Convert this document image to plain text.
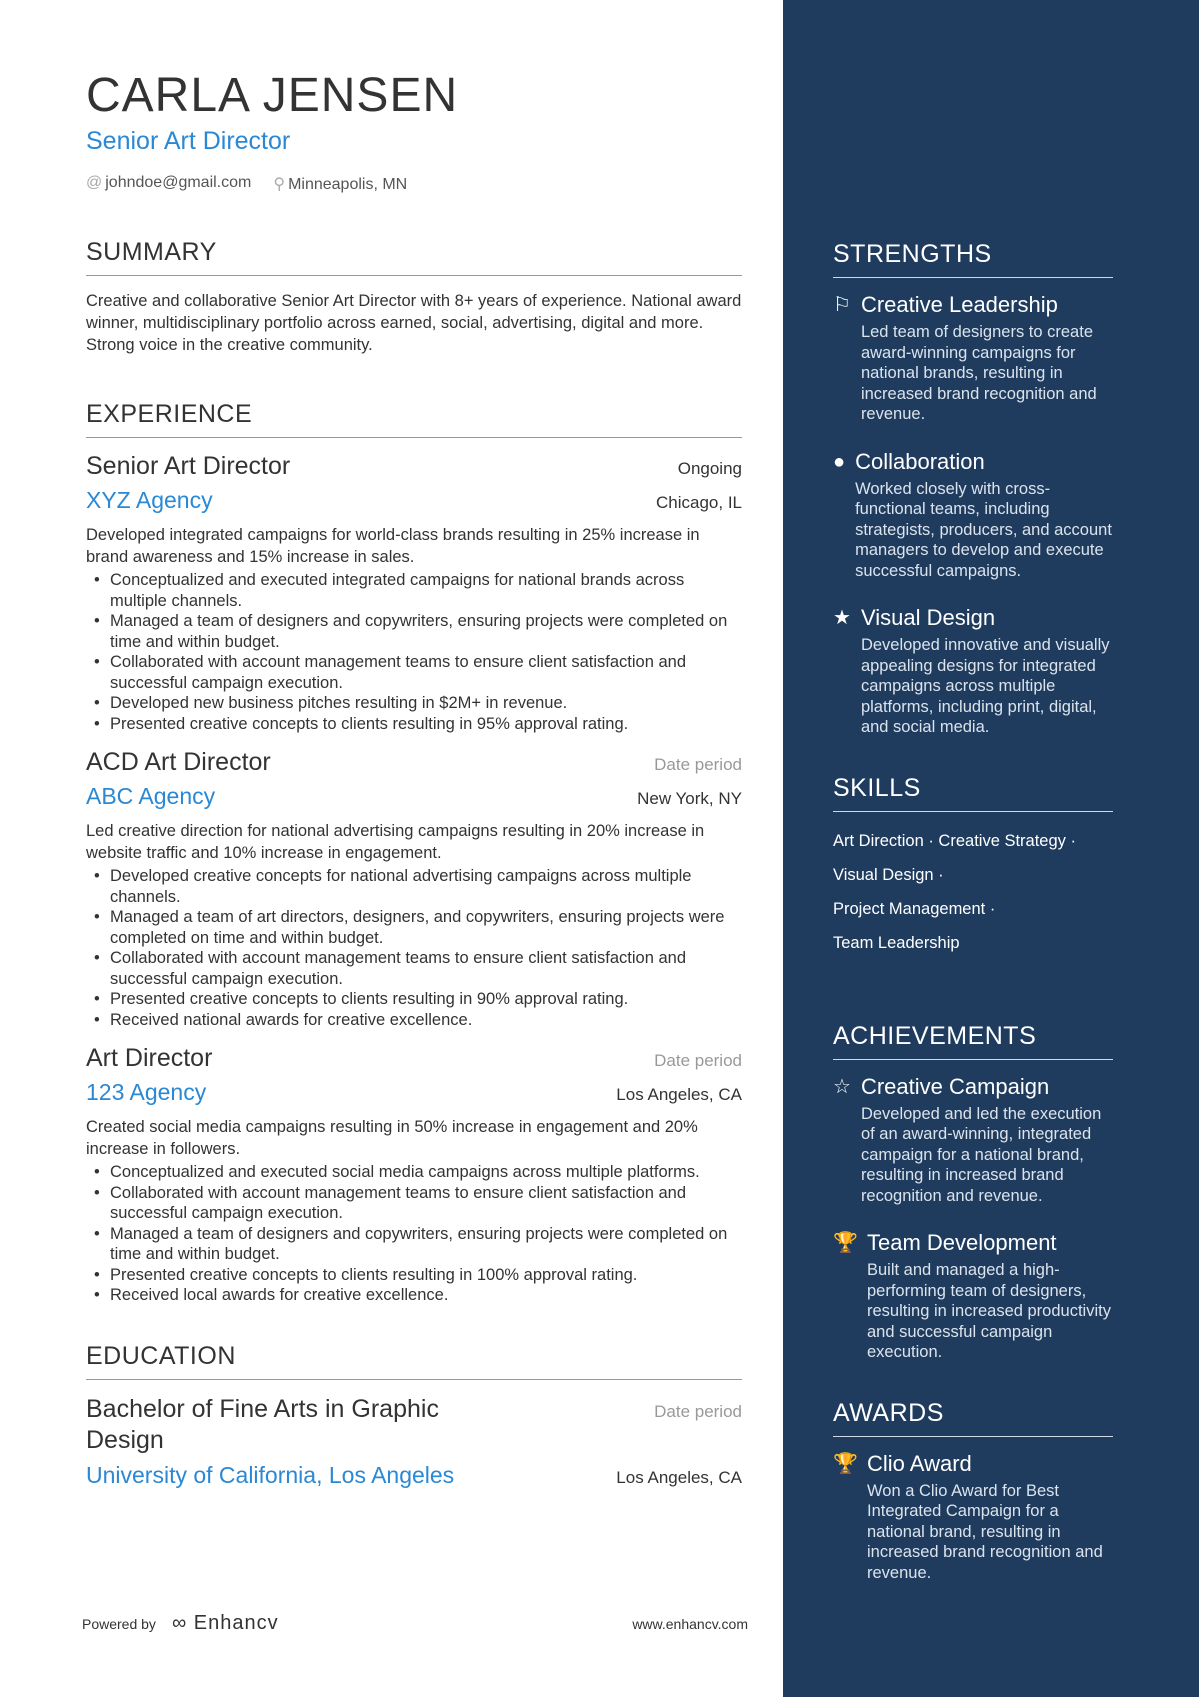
CARLA JENSEN
Senior Art Director
@ johndoe@gmail.com ⚲ Minneapolis, MN
SUMMARY
Creative and collaborative Senior Art Director with 8+ years of experience. National award winner, multidisciplinary portfolio across earned, social, advertising, digital and more. Strong voice in the creative community.
EXPERIENCE
Senior Art Director	Ongoing
XYZ Agency	Chicago, IL
Developed integrated campaigns for world-class brands resulting in 25% increase in brand awareness and 15% increase in sales.
• Conceptualized and executed integrated campaigns for national brands across multiple channels.
• Managed a team of designers and copywriters, ensuring projects were completed on time and within budget.
• Collaborated with account management teams to ensure client satisfaction and successful campaign execution.
• Developed new business pitches resulting in $2M+ in revenue.
• Presented creative concepts to clients resulting in 95% approval rating.
ACD Art Director	Date period
ABC Agency	New York, NY
Led creative direction for national advertising campaigns resulting in 20% increase in website traffic and 10% increase in engagement.
• Developed creative concepts for national advertising campaigns across multiple channels.
• Managed a team of art directors, designers, and copywriters, ensuring projects were completed on time and within budget.
• Collaborated with account management teams to ensure client satisfaction and successful campaign execution.
• Presented creative concepts to clients resulting in 90% approval rating.
• Received national awards for creative excellence.
Art Director	Date period
123 Agency	Los Angeles, CA
Created social media campaigns resulting in 50% increase in engagement and 20% increase in followers.
• Conceptualized and executed social media campaigns across multiple platforms.
• Collaborated with account management teams to ensure client satisfaction and successful campaign execution.
• Managed a team of designers and copywriters, ensuring projects were completed on time and within budget.
• Presented creative concepts to clients resulting in 100% approval rating.
• Received local awards for creative excellence.
EDUCATION
Bachelor of Fine Arts in Graphic Design
Date period
University of California, Los Angeles	Los Angeles, CA
Powered by ∞ Enhancv	www.enhancv.com
STRENGTHS
⚐ Creative Leadership
Led team of designers to create award-winning campaigns for national brands, resulting in increased brand recognition and revenue.
● Collaboration
Worked closely with cross-functional teams, including strategists, producers, and account managers to develop and execute successful campaigns.
★ Visual Design
Developed innovative and visually appealing designs for integrated campaigns across multiple platforms, including print, digital, and social media.
SKILLS
Art Direction · Creative Strategy ·
Visual Design ·
Project Management ·
Team Leadership
ACHIEVEMENTS
☆ Creative Campaign
Developed and led the execution of an award-winning, integrated campaign for a national brand, resulting in increased brand recognition and revenue.
🏆 Team Development
Built and managed a high-performing team of designers, resulting in increased productivity and successful campaign execution.
AWARDS
🏆 Clio Award
Won a Clio Award for Best Integrated Campaign for a national brand, resulting in increased brand recognition and revenue.
